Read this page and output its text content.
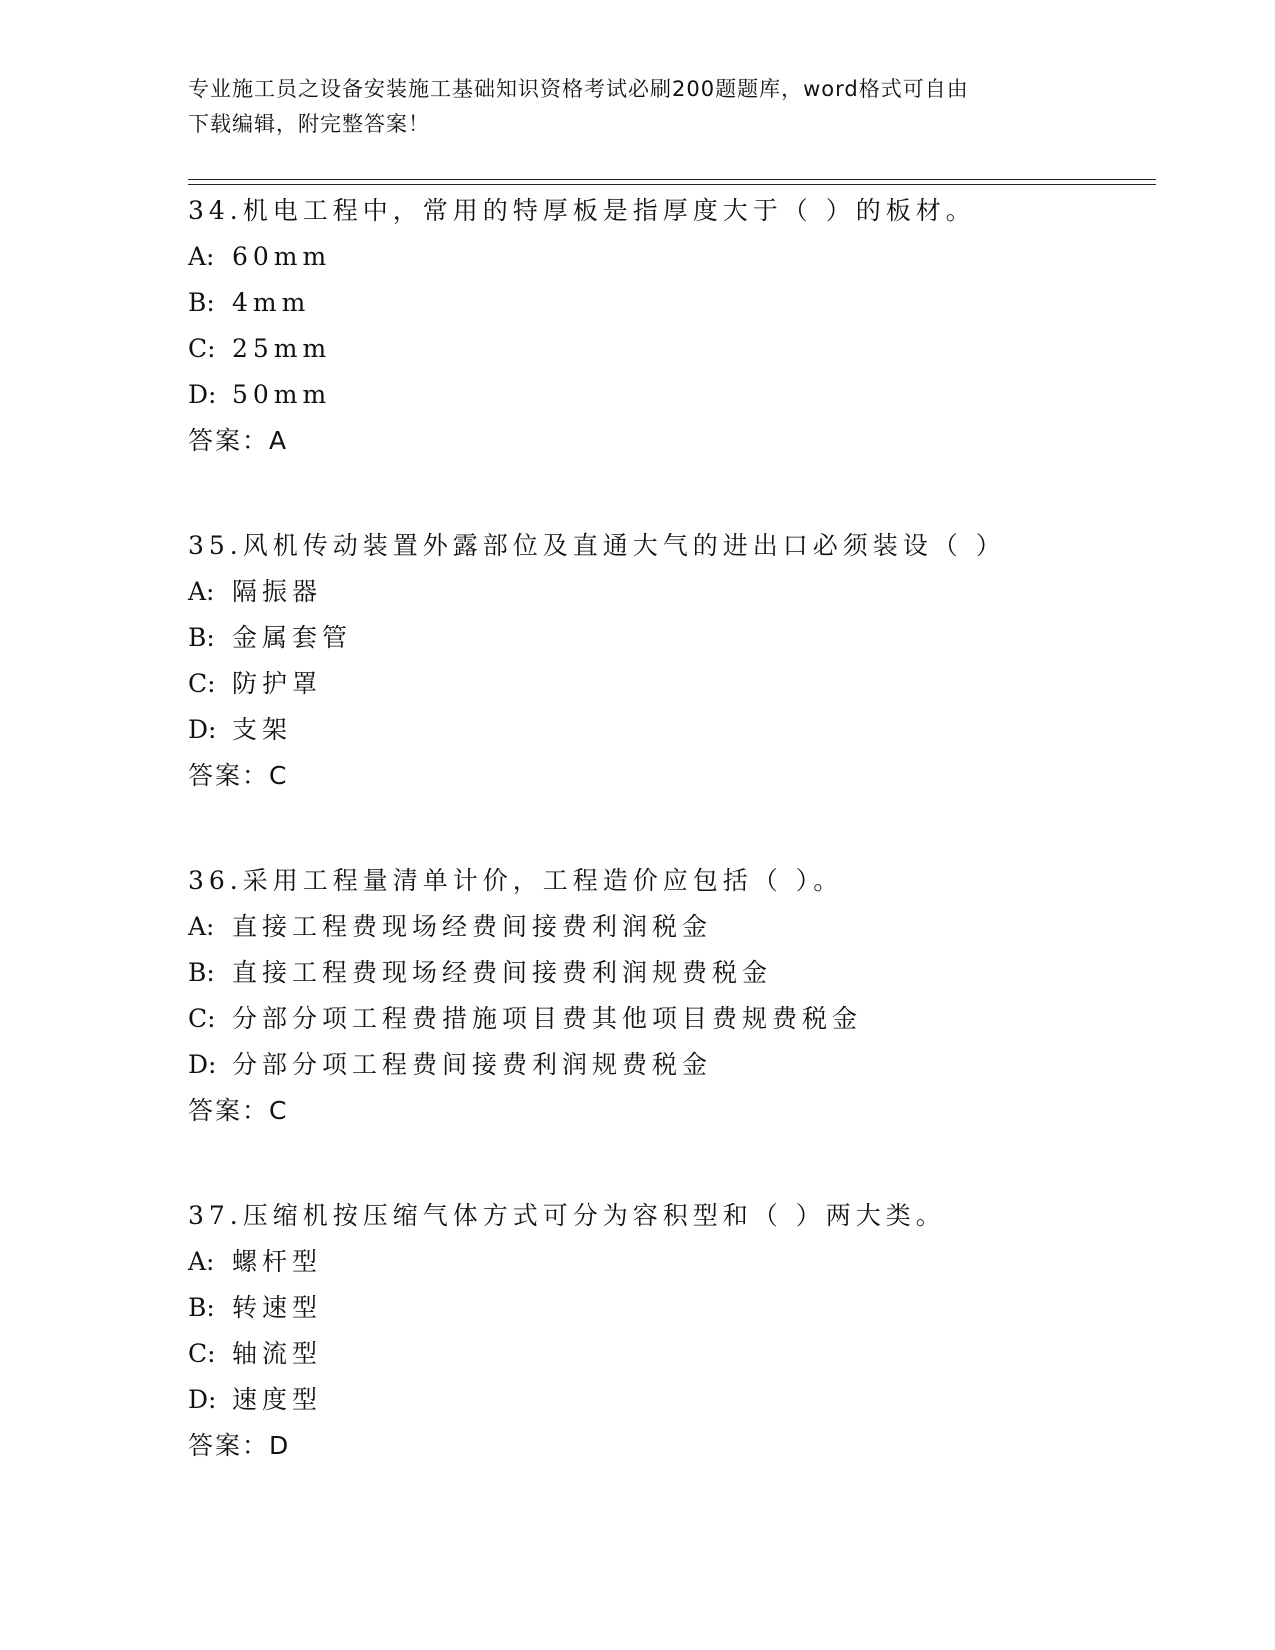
专业施工员之设备安装施工基础知识资格考试必刷200题题库，word格式可自由
下载编辑，附完整答案！
34.机电工程中，常用的特厚板是指厚度大于（ ）的板材。
A: 60mm
B: 4mm
C: 25mm
D: 50mm
答案：A
35.风机传动装置外露部位及直通大气的进出口必须装设（ ）
A: 隔振器
B: 金属套管
C: 防护罩
D: 支架
答案：C
36.采用工程量清单计价，工程造价应包括（ ）。
A: 直接工程费现场经费间接费利润税金
B: 直接工程费现场经费间接费利润规费税金
C: 分部分项工程费措施项目费其他项目费规费税金
D: 分部分项工程费间接费利润规费税金
答案：C
37.压缩机按压缩气体方式可分为容积型和（ ）两大类。
A: 螺杆型
B: 转速型
C: 轴流型
D: 速度型
答案：D
